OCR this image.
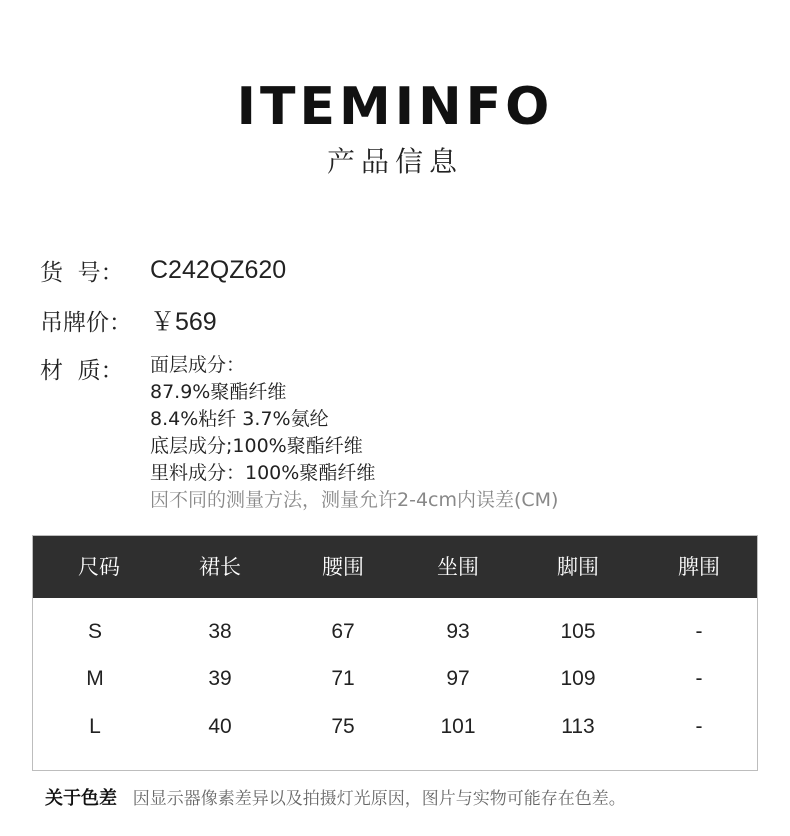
ITEMINFO
产品信息
货  号：	C242QZ620
吊牌价： ￥569
材  质：	面层成分：
87.9%聚酯纤维
8.4%粘纤 3.7%氨纶
底层成分;100%聚酯纤维
里料成分：100%聚酯纤维
因不同的测量方法，测量允许2-4cm内误差(CM)
尺码	裙长	腰围	坐围	脚围	脾围
S	38	67	93	105	-
M	39	71	97	109	-
L	40	75	101	113	-
关于色差 因显示器像素差异以及拍摄灯光原因，图片与实物可能存在色差。
